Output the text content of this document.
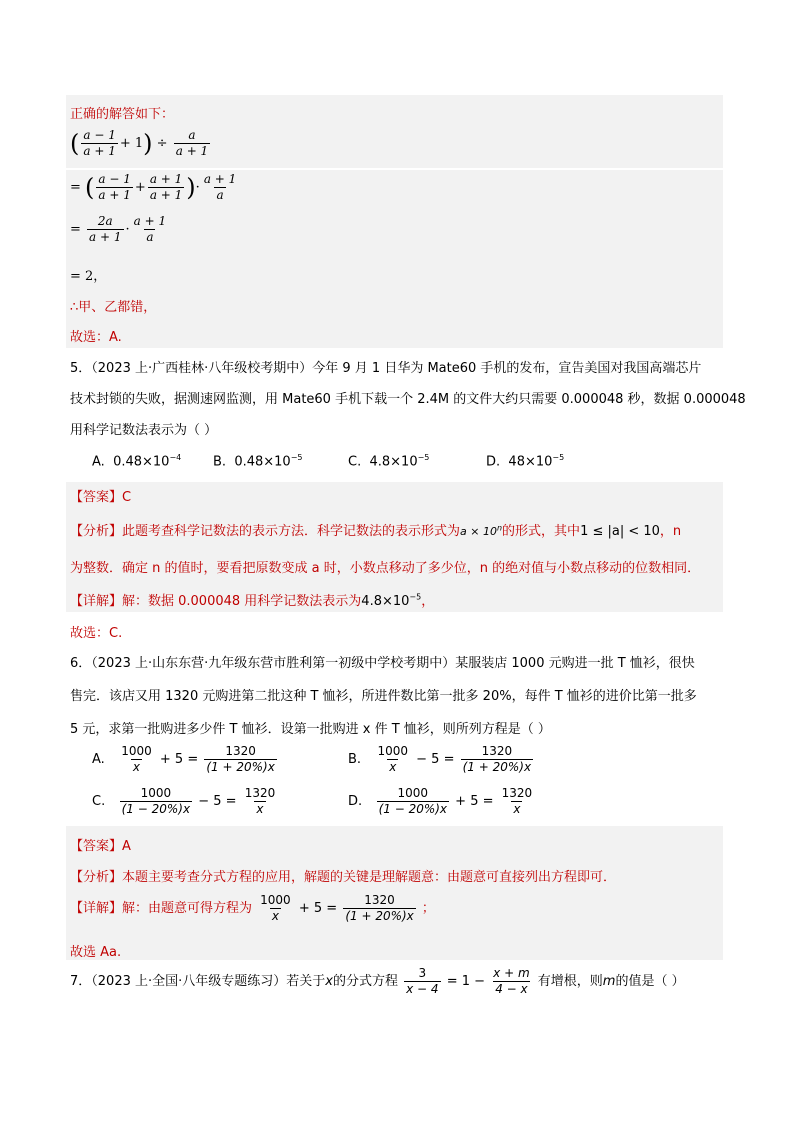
正确的解答如下：
( $\frac{a - 1}{a + 1} + 1) \div \frac{a}{a + 1}$
= ( $\frac{a - 1}{a + 1} + \frac{a + 1}{a + 1}$ )· $\frac{a + 1}{a}$
= $\frac{2a}{a + 1} \cdot \frac{a + 1}{a}$
= 2，
∴甲、乙都错，
故选：A.
5．（2023 上·广西桂林·八年级校考期中）今年 9 月 1 日华为 Mate60 手机的发布，宣告美国对我国高端芯片
技术封锁的失败，据测速网监测，用 Mate60 手机下载一个 2.4M 的文件大约只需要 0.000048 秒，数据 0.000048
用科学记数法表示为（ ）
A. $0.48\times 10^{-4}$ B. $0.48\times 10^{-5}$	C. $4.8\times 10^{-5}$	D. $48\times 10^{-5}$
【答案】C
【分析】此题考查科学记数法的表示方法．科学记数法的表示形式为$a \times 10^n$的形式，其中1 ≤ |a| < 10，n
为整数．确定 n 的值时，要看把原数变成 a 时，小数点移动了多少位，n 的绝对值与小数点移动的位数相同．
【详解】解：数据 0.000048 用科学记数法表示为$4.8\times 10^{-5}$，
故选：C.
6．（2023 上·山东东营·九年级东营市胜利第一初级中学校考期中）某服装店 1000 元购进一批 T 恤衫，很快
售完．该店又用 1320 元购进第二批这种 T 恤衫，所进件数比第一批多 20%，每件 T 恤衫的进价比第一批多
5 元，求第一批购进多少件 T 恤衫．设第一批购进 x 件 T 恤衫，则所列方程是（ ）
A. $\frac{1000}{x} + 5 = \frac{1320}{(1 + 20\%)x}$	B. $\frac{1000}{x} - 5 = \frac{1320}{(1 + 20\%)x}$
C. $\frac{1000}{(1 - 20\%)x} - 5 = \frac{1320}{x}$	D. $\frac{1000}{(1 - 20\%)x} + 5 = \frac{1320}{x}$
【答案】A
【分析】本题主要考查分式方程的应用，解题的关键是理解题意：由题意可直接列出方程即可．
【详解】解：由题意可得方程为 $\frac{1000}{x} + 5 = \frac{1320}{(1 + 20\%)x}$ ；
故选 Aa.
7．（2023 上·全国·八年级专题练习）若关于x的分式方程 $\frac{3}{x - 4} = 1 - \frac{x + m}{4 - x}$ 有增根，则m的值是（ ）
